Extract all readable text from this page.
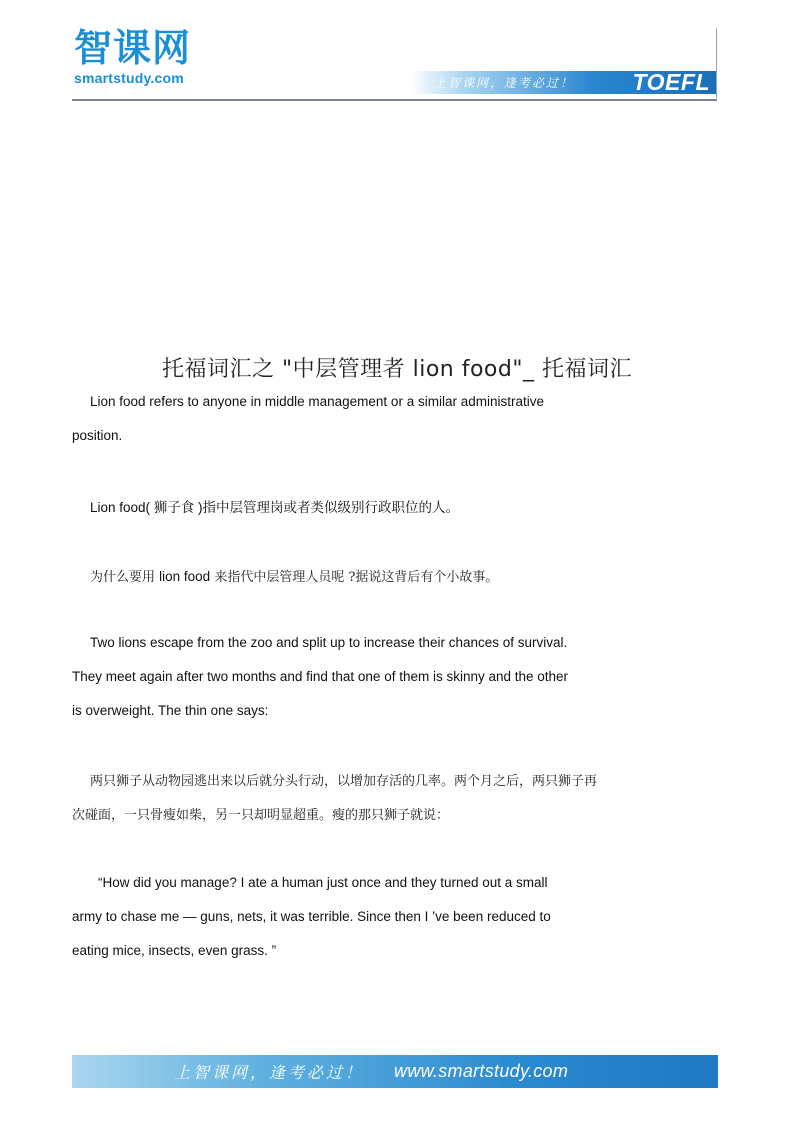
智课网
smartstudy.com	上智课网，逢考必过！	TOEFL
托福词汇之 "中层管理者 lion food"_ 托福词汇
Lion food refers to anyone in middle management or a similar administrative
position.
Lion food( 狮子食 )指中层管理岗或者类似级别行政职位的人。
为什么要用 lion food 来指代中层管理人员呢 ?据说这背后有个小故事。
Two lions escape from the zoo and split up to increase their chances of survival.
They meet again after two months and find that one of them is skinny and the other
is overweight. The thin one says:
两只狮子从动物园逃出来以后就分头行动，以增加存活的几率。两个月之后，两只狮子再
次碰面，一只骨瘦如柴，另一只却明显超重。瘦的那只狮子就说：
“How did you manage? I ate a human just once and they turned out a small
army to chase me — guns, nets, it was terrible. Since then I ’ve been reduced to
eating mice, insects, even grass. ”
上智课网，逢考必过！ www.smartstudy.com
